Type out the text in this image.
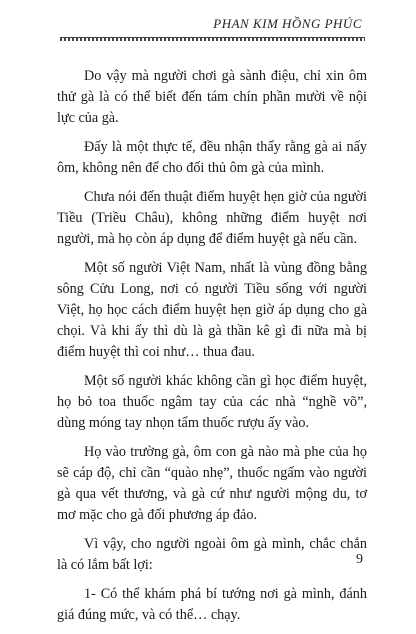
PHAN KIM HỒNG PHÚC

Do vậy mà người chơi gà sành điệu, chỉ xin ôm thử gà là có thể biết đến tám chín phần mười về nội lực của gà.

Đấy là một thực tế, đều nhận thấy rằng gà ai nấy ôm, không nên để cho đối thủ ôm gà của mình.

Chưa nói đến thuật điểm huyệt hẹn giờ của người Tiều (Triều Châu), không những điểm huyệt nơi người, mà họ còn áp dụng để điểm huyệt gà nếu cần.

Một số người Việt Nam, nhất là vùng đồng bằng sông Cửu Long, nơi có người Tiều sống với người Việt, họ học cách điểm huyệt hẹn giờ áp dụng cho gà chọi. Và khi ấy thì dù là gà thần kê gì đi nữa mà bị điểm huyệt thì coi như… thua đau.

Một số người khác không cần gì học điểm huyệt, họ bỏ toa thuốc ngâm tay của các nhà “nghề võ”, dùng móng tay nhọn tẩm thuốc rượu ấy vào.

Họ vào trường gà, ôm con gà nào mà phe của họ sẽ cáp độ, chỉ cần “quào nhẹ”, thuốc ngấm vào người gà qua vết thương, và gà cứ như người mộng du, tơ mơ mặc cho gà đối phương áp đảo.

Vì vậy, cho người ngoài ôm gà mình, chắc chắn là có lắm bất lợi:

1- Có thể khám phá bí tướng nơi gà mình, đánh giá đúng mức, và có thể… chạy.

9
